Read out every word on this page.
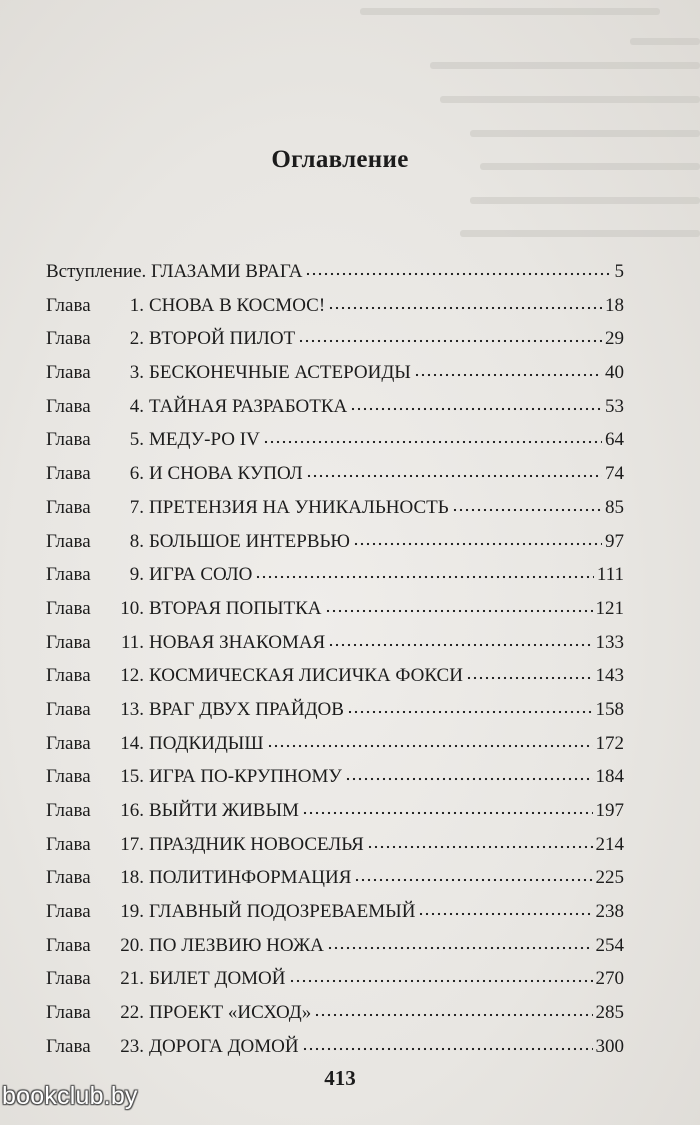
Оглавление
Вступление. ГЛАЗАМИ ВРАГА	5
Глава	1. СНОВА В КОСМОС!	18
Глава	2. ВТОРОЙ ПИЛОТ	29
Глава	3. БЕСКОНЕЧНЫЕ АСТЕРОИДЫ	40
Глава	4. ТАЙНАЯ РАЗРАБОТКА	53
Глава	5. МЕДУ-РО IV	64
Глава	6. И СНОВА КУПОЛ	74
Глава	7. ПРЕТЕНЗИЯ НА УНИКАЛЬНОСТЬ	85
Глава	8. БОЛЬШОЕ ИНТЕРВЬЮ	97
Глава	9. ИГРА СОЛО	111
Глава	10. ВТОРАЯ ПОПЫТКА	121
Глава	11. НОВАЯ ЗНАКОМАЯ	133
Глава	12. КОСМИЧЕСКАЯ ЛИСИЧКА ФОКСИ	143
Глава	13. ВРАГ ДВУХ ПРАЙДОВ	158
Глава	14. ПОДКИДЫШ	172
Глава	15. ИГРА ПО-КРУПНОМУ	184
Глава	16. ВЫЙТИ ЖИВЫМ	197
Глава	17. ПРАЗДНИК НОВОСЕЛЬЯ	214
Глава	18. ПОЛИТИНФОРМАЦИЯ	225
Глава	19. ГЛАВНЫЙ ПОДОЗРЕВАЕМЫЙ	238
Глава	20. ПО ЛЕЗВИЮ НОЖА	254
Глава	21. БИЛЕТ ДОМОЙ	270
Глава	22. ПРОЕКТ «ИСХОД»	285
Глава	23. ДОРОГА ДОМОЙ	300
413
bookclub.by
